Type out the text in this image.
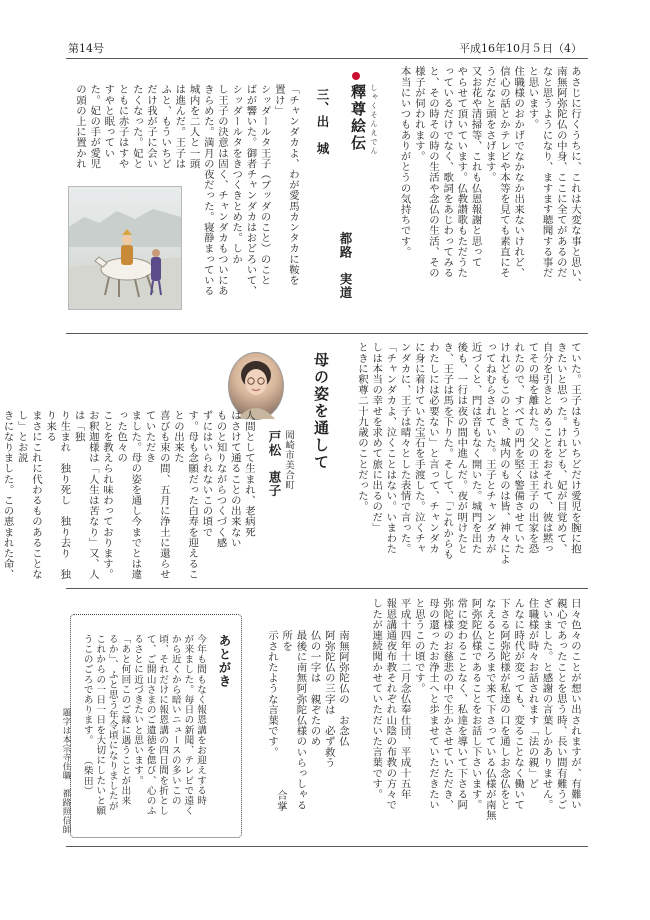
第14号	平成16年10月５日（4）
あさじに行くうちに、これは大変な事と思い、
南無阿弥陀仏の中身、ここに全てがあるのだ
なと思うようになり、ますます聴聞する事だ
と思います。
住職様のおかげでなかなか出来ないけれど、
信心の話とかテレビや本等を見ても素直にそ
うだなと頭をさげます。
又お花や清掃等、これも仏恩報謝と思って
やらせて頂いています。仏教讃歌もただうた
っているだけでなく、歌詞をあじわってみる
と、その時その時の生活や念仏の生活、その
様子が伺われます。
本当にいつもありがとうの気持ちです。
釋尊絵伝 しゃくそんえでん
都路　実道
三、出　城
「チャンダカよ、わが愛馬カンタカに鞍を
置け」
シッダールタ王子（ブッダのこと）のこと
ばが響いた。御者チャンダカはおどろいて、
シッダールタをきつくきとめた。しか
し王子の決意は固く、チャンダカもついにあ
きらめた。満月の夜だった。寝静まっている
城内を二人と一頭
は進んだ。王子は
ふと、もういちど
だけ我が子に会い
たくなった。妃と
ともに赤子はすや
すやと眠ってい
た。妃の手が愛児
の頭の上に置かれ
ていた。王子はもういちどだけ愛児を腕に抱
きたいと思った。けれども、妃が目覚めて、
自分を引きとめることをおそれて、彼は黙っ
てその場を離れた。父の王は王子の出家を恐
れたので、すべての門を堅く警備させていた
けれどもこのとき、城内のものは皆、神々によ
ってねむらされていた。王子とチャンダカが
近づくと、門は音もなく開いた。城門を出た
後も、一行は夜の間中進んだ。夜が明けたと
き、王子は馬を下りた。そして、「これからも
わたしには必要ない」と言って、チャンダカ
に身に着けていた宝石を手渡した。泣くチャ
ンダカに、王子は晴々とした表情で言った。
「チャンダカよ、泣くことはない。いまわた
しは本当の幸せを求めて旅に出るのだ」
ときに釈尊二十九歳のことだった。
母の姿を通して
岡崎市美合町
戸松　恵子
人間として生まれ、老病死
はさけて通ることの出来ない
ものと知りながらつくづく感
ずにはいられないこの頃で
す。母も念願だった白寿を迎えることの出来た
喜びも束の間、五月に浄土に還らせていただき
ました。母の姿を通し今までとは違った色々の
ことを教えられ味わっております。
お釈迦様は「人生は苦なり」又、人は「独
り生まれ　独り死し　独り去り　独り来る
まさにこれに代わるものあることなし」とお説
きになりました。この恵まれた命、

日々色々のことが想い出されますが、有難い
親心であったことを思う時、長い間有難うご
ざいました。と感謝の言葉しかありません。
住職様が時々お話されます「法の親」ど
んなに時代が変っても、変ることなく働いて
下さる阿弥陀様が私達の口を通しお念仏をと
なえるところまで来て下さっている仏様が南無
阿弥陀仏様であることをお話し下さいます。
常に変わることなく、私達を導いて下さる阿
弥陀様のお慈悲の中で生かさせていただき、
母の還ったお浄土へと歩ませていただきたい
と思うこの頃です。
平成十四年十二月念仏奉仕団、平成十五年
報恩講通夜布教それぞれ山陰の布教の方々で
したが連続聞かせていただいた言葉です。
南無阿弥陀仏の　お念仏
阿弥陀仏の三字は　必ず救う
仏の一字は　親ぞたのめ
最後に南無阿弥陀仏様のいらっしゃる所を
示されたような言葉です。
合掌
あとがき
今年も間もなく報恩講をお迎えする時
が来ました。毎日の新聞、テレビで遠く
から近くから暗いニュースの多いこの
頃、それだけに報恩講の四日間を折とし
て、ご開山さまのご遺徳を偲び、心のふ
るさとに近づきたいと思います。
「あと何回このご縁に遇うことが出来
るか」、ふと思う年令頃になりましたが
これからの一日一日を大切にしたいと願
うこのごろであります。　　（柴田）
題字は本宗寺住職　都路照信師
